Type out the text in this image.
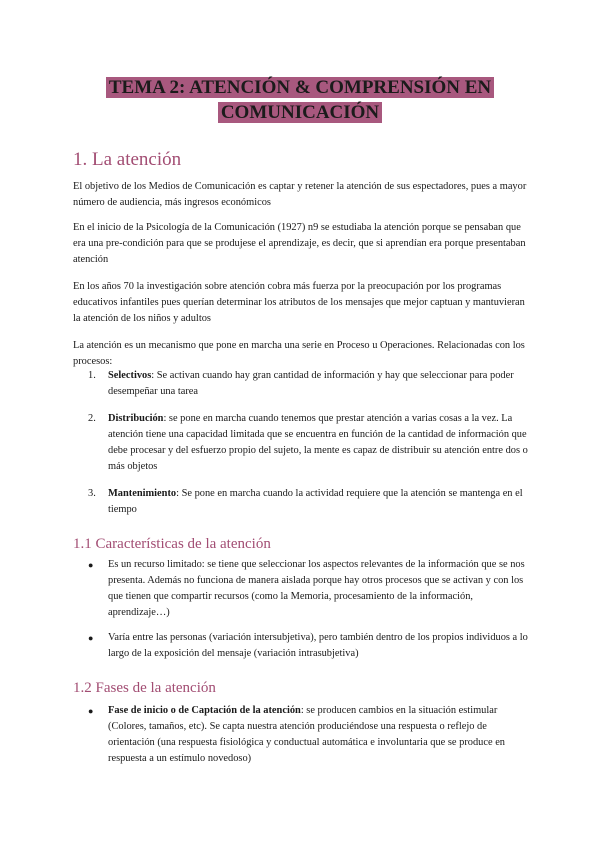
TEMA 2: ATENCIÓN & COMPRENSIÓN EN
COMUNICACIÓN
1. La atención

El objetivo de los Medios de Comunicación es captar y retener la atención de sus espectadores, pues a mayor número de audiencia, más ingresos económicos

En el inicio de la Psicología de la Comunicación (1927) n9 se estudiaba la atención porque se pensaban que era una pre-condición para que se produjese el aprendizaje, es decir, que si aprendían era porque presentaban atención

En los años 70 la investigación sobre atención cobra más fuerza por la preocupación por los programas educativos infantiles pues querían determinar los atributos de los mensajes que mejor captuan y mantuvieran la atención de los niños y adultos

La atención es un mecanismo que pone en marcha una serie en Proceso u Operaciones. Relacionadas con los procesos:

1. Selectivos: Se activan cuando hay gran cantidad de información y hay que seleccionar para poder desempeñar una tarea
2. Distribución: se pone en marcha cuando tenemos que prestar atención a varias cosas a la vez. La atención tiene una capacidad limitada que se encuentra en función de la cantidad de información que debe procesar y del esfuerzo propio del sujeto, la mente es capaz de distribuir su atención entre dos o más objetos
3. Mantenimiento: Se pone en marcha cuando la actividad requiere que la atención se mantenga en el tiempo
1.1 Características de la atención
● Es un recurso limitado: se tiene que seleccionar los aspectos relevantes de la información que se nos presenta. Además no funciona de manera aislada porque hay otros procesos que se activan y con los que tienen que compartir recursos (como la Memoria, procesamiento de la información, aprendizaje…)
● Varía entre las personas (variación intersubjetiva), pero también dentro de los propios individuos a lo largo de la exposición del mensaje (variación intrasubjetiva)
1.2 Fases de la atención
● Fase de inicio o de Captación de la atención: se producen cambios en la situación estimular (Colores, tamaños, etc). Se capta nuestra atención produciéndose una respuesta o reflejo de orientación (una respuesta fisiológica y conductual automática e involuntaria que se produce en respuesta a un estímulo novedoso)
